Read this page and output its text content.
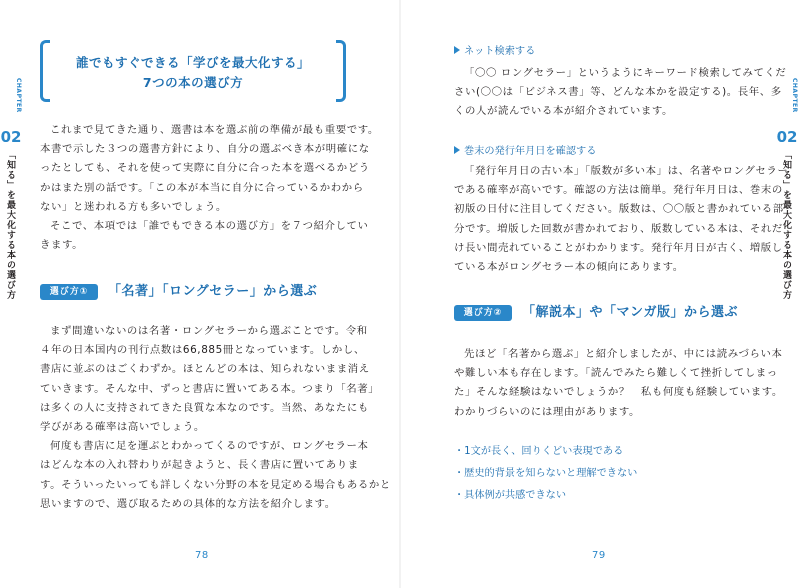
CHAPTER
02
「知る」を最大化する本の選び方
CHAPTER
02
「知る」を最大化する本の選び方
誰でもすぐできる「学びを最大化する」
7つの本の選び方
これまで見てきた通り、選書は本を選ぶ前の準備が最も重要です。
本書で示した３つの選書方針により、自分の選ぶべき本が明確にな
ったとしても、それを使って実際に自分に合った本を選べるかどう
かはまた別の話です。「この本が本当に自分に合っているかわから
ない」と迷われる方も多いでしょう。
そこで、本項では「誰でもできる本の選び方」を７つ紹介してい
きます。
選び方①	「名著」「ロングセラー」から選ぶ
まず間違いないのは名著・ロングセラーから選ぶことです。令和
４年の日本国内の刊行点数は66,885冊となっています。しかし、
書店に並ぶのはごくわずか。ほとんどの本は、知られないまま消え
ていきます。そんな中、ずっと書店に置いてある本。つまり「名著」
は多くの人に支持されてきた良質な本なのです。当然、あなたにも
学びがある確率は高いでしょう。
何度も書店に足を運ぶとわかってくるのですが、ロングセラー本
はどんな本の入れ替わりが起きようと、長く書店に置いてありま
す。そういったいっても詳しくない分野の本を見定める場合もあるかと
思いますので、選び取るための具体的な方法を紹介します。
78
ネット検索する
「〇〇 ロングセラー」というようにキーワード検索してみてくだ
さい(〇〇は「ビジネス書」等、どんな本かを設定する)。長年、多
くの人が読んでいる本が紹介されています。
巻末の発行年月日を確認する
「発行年月日の古い本」「版数が多い本」は、名著やロングセラー
である確率が高いです。確認の方法は簡単。発行年月日は、巻末の
初版の日付に注目してください。版数は、〇〇版と書かれている部
分です。増版した回数が書かれており、版数している本は、それだ
け長い間売れていることがわかります。発行年月日が古く、増版し
ている本がロングセラー本の傾向にあります。
選び方②	「解説本」や「マンガ版」から選ぶ
先ほど「名著から選ぶ」と紹介しましたが、中には読みづらい本
や難しい本も存在します。「読んでみたら難しくて挫折してしまっ
た」そんな経験はないでしょうか？　私も何度も経験しています。
わかりづらいのには理由があります。
・1文が長く、回りくどい表現である
・歴史的背景を知らないと理解できない
・具体例が共感できない
79
